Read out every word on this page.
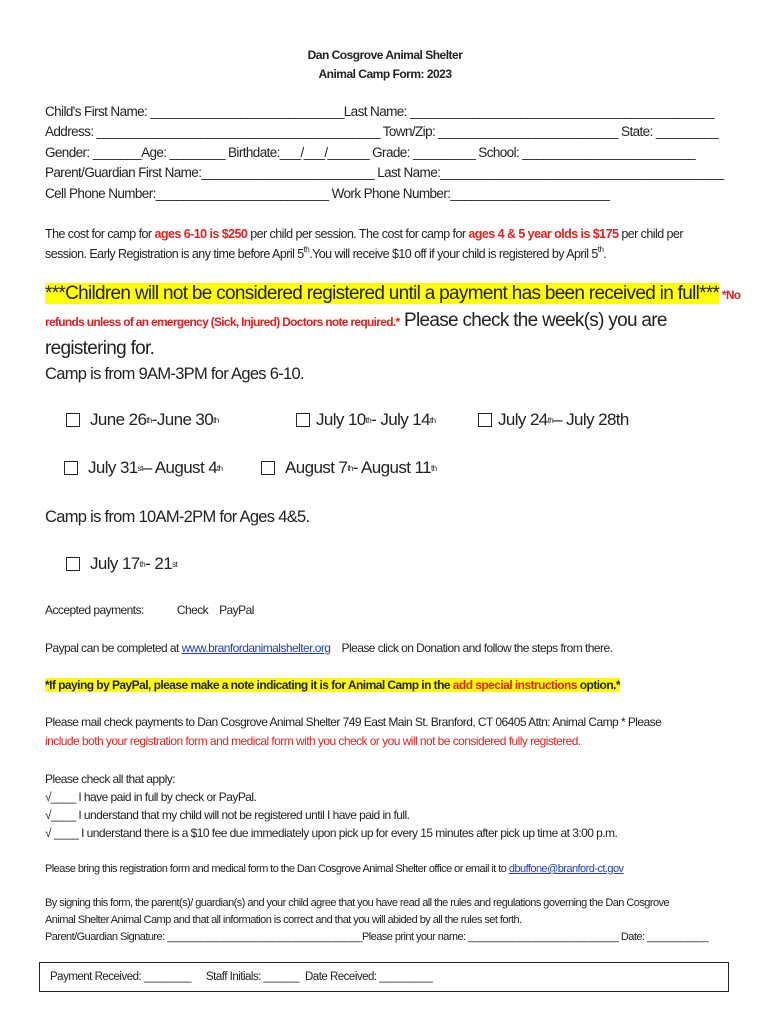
Dan Cosgrove Animal Shelter
Animal Camp Form: 2023
Child's First Name: ____________________________Last Name: ____________________________________________
Address: _________________________________________ Town/Zip: __________________________ State: _________
Gender: _______Age: ________ Birthdate:___/___/______ Grade: _________ School: _________________________
Parent/Guardian First Name:_________________________ Last Name:_________________________________________
Cell Phone Number:_________________________ Work Phone Number:_______________________
The cost for camp for ages 6-10 is $250 per child per session. The cost for camp for ages 4 & 5 year olds is $175 per child per
session. Early Registration is any time before April 5th.You will receive $10 off if your child is registered by April 5th.
***Children will not be considered registered until a payment has been received in full*** *No
refunds unless of an emergency (Sick, Injured) Doctors note required.* Please check the week(s) you are
registering for.
Camp is from 9AM-3PM for Ages 6-10.
June 26 th -June 30 th	July 10 th - July 14 th	July 24 th – July 28th
July 31 st – August 4 th	August 7 th - August 11 th
Camp is from 10AM-2PM for Ages 4&5.
July 17 th - 21 st
Accepted payments:	Check PayPal
Paypal can be completed at www.branfordanimalshelter.org    Please click on Donation and follow the steps from there.
*If paying by PayPal, please make a note indicating it is for Animal Camp in the add special instructions option.*
Please mail check payments to Dan Cosgrove Animal Shelter 749 East Main St. Branford, CT 06405 Attn: Animal Camp * Please
include both your registration form and medical form with you check or you will not be considered fully registered.
Please check all that apply:
√____ I have paid in full by check or PayPal.
√____ I understand that my child will not be registered until I have paid in full.
√ ____ I understand there is a $10 fee due immediately upon pick up for every 15 minutes after pick up time at 3:00 p.m.
Please bring this registration form and medical form to the Dan Cosgrove Animal Shelter office or email it to dbuffone@branford-ct.gov
By signing this form, the parent(s)/ guardian(s) and your child agree that you have read all the rules and regulations governing the Dan Cosgrove
Animal Shelter Animal Camp and that all information is correct and that you will abided by all the rules set forth.
Parent/Guardian Signature: ___________________________________Please print your name: ___________________________ Date: ___________
Payment Received: ________ Staff Initials: ______ Date Received: _________
